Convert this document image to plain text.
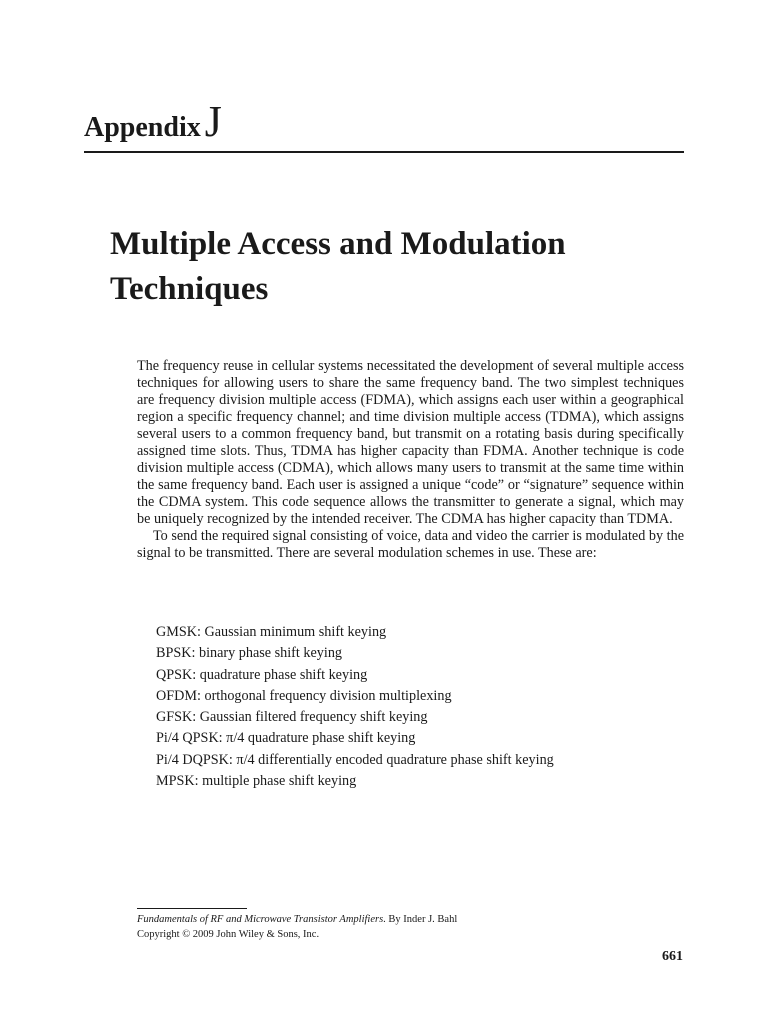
AppendixJ
Multiple Access and Modulation Techniques

The frequency reuse in cellular systems necessitated the development of several multiple access techniques for allowing users to share the same frequency band. The two simplest techniques are frequency division multiple access (FDMA), which assigns each user within a geographical region a specific frequency channel; and time division multiple access (TDMA), which assigns several users to a common frequency band, but transmit on a rotating basis during specifically assigned time slots. Thus, TDMA has higher capacity than FDMA. Another technique is code division multiple access (CDMA), which allows many users to transmit at the same time within the same frequency band. Each user is assigned a unique “code” or “signature” sequence within the CDMA system. This code sequence allows the transmitter to generate a signal, which may be uniquely recognized by the intended receiver. The CDMA has higher capacity than TDMA.

To send the required signal consisting of voice, data and video the carrier is modulated by the signal to be transmitted. There are several modulation schemes in use. These are:

GMSK: Gaussian minimum shift keying
BPSK: binary phase shift keying
QPSK: quadrature phase shift keying
OFDM: orthogonal frequency division multiplexing
GFSK: Gaussian filtered frequency shift keying
Pi/4 QPSK: π/4 quadrature phase shift keying
Pi/4 DQPSK: π/4 differentially encoded quadrature phase shift keying
MPSK: multiple phase shift keying
Fundamentals of RF and Microwave Transistor Amplifiers. By Inder J. Bahl
Copyright © 2009 John Wiley & Sons, Inc.
661
